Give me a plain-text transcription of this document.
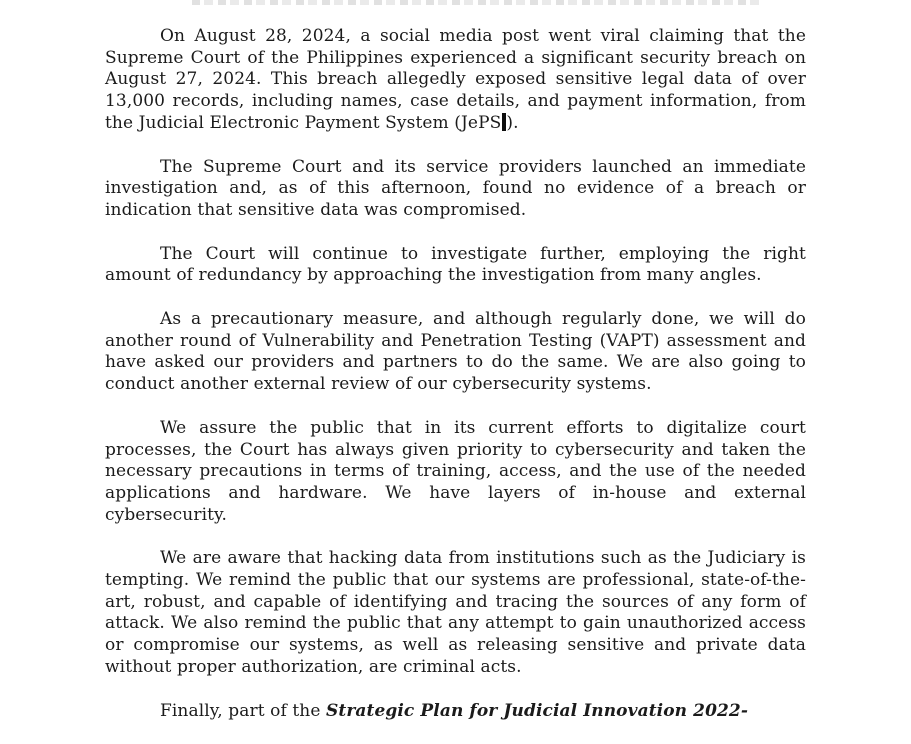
On August 28, 2024, a social media post went viral claiming that the Supreme Court of the Philippines experienced a significant security breach on August 27, 2024. This breach allegedly exposed sensitive legal data of over 13,000 records, including names, case details, and payment information, from the Judicial Electronic Payment System (JePS ).

The Supreme Court and its service providers launched an immediate investigation and, as of this afternoon, found no evidence of a breach or indication that sensitive data was compromised.

The Court will continue to investigate further, employing the right amount of redundancy by approaching the investigation from many angles.

As a precautionary measure, and although regularly done, we will do another round of Vulnerability and Penetration Testing (VAPT) assessment and have asked our providers and partners to do the same. We are also going to conduct another external review of our cybersecurity systems.

We assure the public that in its current efforts to digitalize court processes, the Court has always given priority to cybersecurity and taken the necessary precautions in terms of training, access, and the use of the needed applications and hardware. We have layers of in-house and external cybersecurity.

We are aware that hacking data from institutions such as the Judiciary is tempting. We remind the public that our systems are professional, state-of-the-art, robust, and capable of identifying and tracing the sources of any form of attack. We also remind the public that any attempt to gain unauthorized access or compromise our systems, as well as releasing sensitive and private data without proper authorization, are criminal acts.

Finally, part of the Strategic Plan for Judicial Innovation 2022-
